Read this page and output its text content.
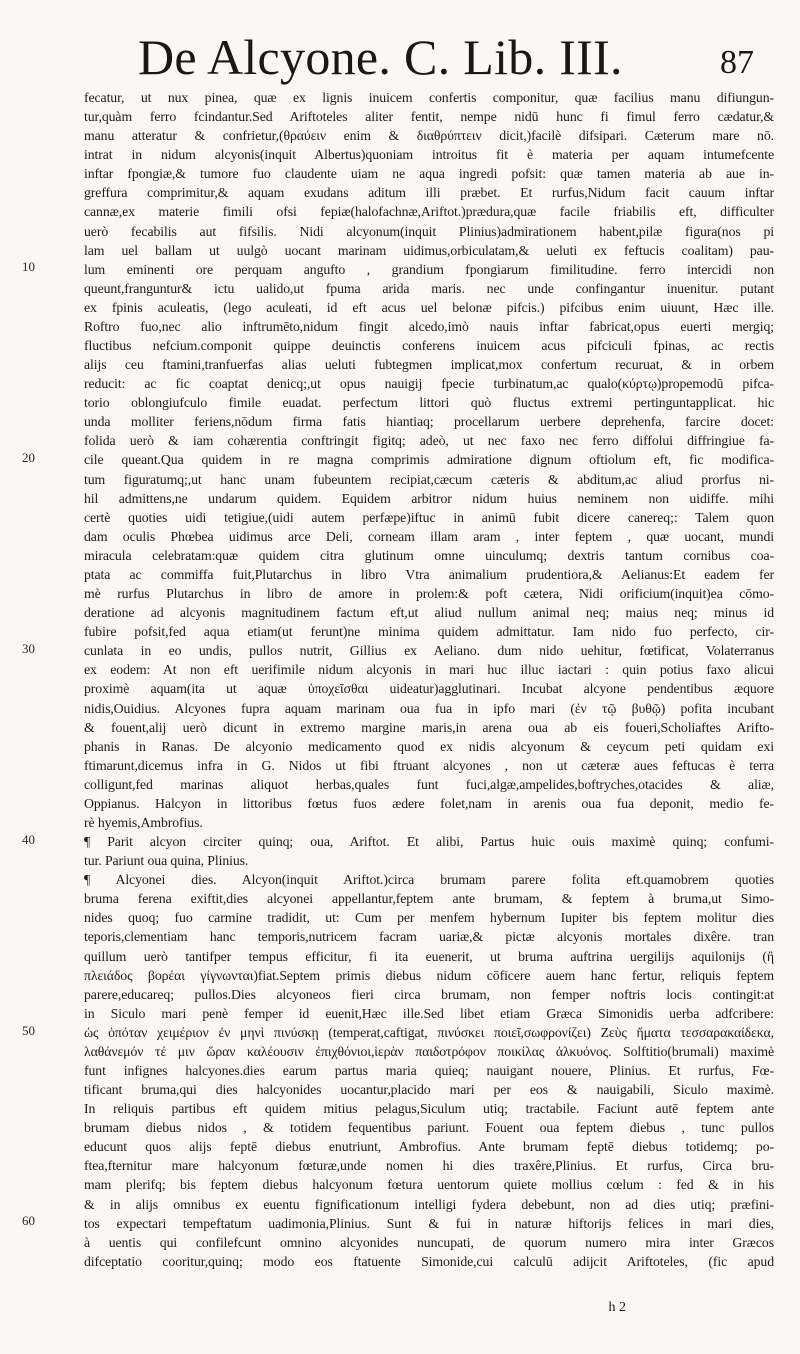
De Alcyone. C. Lib. III.	87
10
20
30
40
50
60
fecatur, ut nux pinea, quæ ex lignis inuicem confertis componitur, quæ facilius manu difiungun-
tur,quàm ferro fcindantur.Sed Ariftoteles aliter fentit, nempe nidū hunc fi fimul ferro cædatur,&
manu atteratur & confrietur,(θραύειν enim & διαθρύπτειν dicit,)facilè difsipari. Cæterum mare nō.
intrat in nidum alcyonis(inquit Albertus)quoniam introitus fit è materia per aquam intumefcente
inftar fpongiæ,& tumore fuo claudente uiam ne aqua ingredi pofsit: quæ tamen materia ab aue in-
greffura comprimitur,& aquam exudans aditum illi præbet. Et rurfus,Nidum facit cauum inftar
cannæ,ex materie fimili ofsi fepiæ(halofachnæ,Ariftot.)prædura,quæ facile friabilis eft, difficulter
uerò fecabilis aut fifsilis. Nidi alcyonum(inquit Plinius)admirationem habent,pilæ figura(nos pi
lam uel ballam ut uulgò uocant marinam uidimus,orbiculatam,& ueluti ex feftucis coalitam) pau-
lum eminenti ore perquam angufto , grandium fpongiarum fimilitudine. ferro intercidi non
queunt,franguntur& ictu ualido,ut fpuma arida maris. nec unde confingantur inuenitur. putant
ex fpinis aculeatis, (lego aculeati, id eft acus uel belonæ pifcis.) pifcibus enim uiuunt, Hæc ille.
Roftro fuo,nec alio inftrumēto,nidum fingit alcedo,imò nauis inftar fabricat,opus euerti mergiq;
fluctibus nefcium.componit quippe deuinctis conferens inuicem acus pifciculi fpinas, ac rectis
alijs ceu ftamini,tranfuerfas alias ueluti fubtegmen implicat,mox confertum recuruat, & in orbem
reducit: ac fic coaptat denicq;,ut opus nauigij fpecie turbinatum,ac qualo(κύρτῳ)propemodū pifca-
torio oblongiufculo fimile euadat. perfectum littori quò fluctus extremi pertinguntapplicat. hic
unda molliter feriens,nōdum firma fatis hiantiaq; procellarum uerbere deprehenfa, farcire docet:
folida uerò & iam cohærentia conftringit figitq; adeò, ut nec faxo nec ferro diffolui diffringiue fa-
cile queant.Qua quidem in re magna comprimis admiratione dignum oftiolum eft, fic modifica-
tum figuratumq;,ut hanc unam fubeuntem recipiat,cæcum cæteris & abditum,ac aliud prorfus ni-
hil admittens,ne undarum quidem. Equidem arbitror nidum huius neminem non uidiffe. mihi
certè quoties uidi tetigiue,(uidi autem perfæpe)iftuc in animū fubit dicere canereq;: Talem quon
dam oculis Phœbea uidimus arce Deli, corneam illam aram , inter feptem , quæ uocant, mundi
miracula celebratam:quæ quidem citra glutinum omne uinculumq; dextris tantum cornibus coa-
ptata ac commiffa fuit,Plutarchus in libro Vtra animalium prudentiora,& Aelianus:Et eadem fer
mè rurfus Plutarchus in libro de amore in prolem:& poft cætera, Nidi orificium(inquit)ea cōmo-
deratione ad alcyonis magnitudinem factum eft,ut aliud nullum animal neq; maius neq; minus id
fubire pofsit,fed aqua etiam(ut ferunt)ne minima quidem admittatur. Iam nido fuo perfecto, cir-
cunlata in eo undis, pullos nutrit, Gillius ex Aeliano. dum nido uehitur, fœtificat, Volaterranus
ex eodem: At non eft uerifimile nidum alcyonis in mari huc illuc iactari : quin potius faxo alicui
proximè aquam(ita ut aquæ ὑποχεῖσθαι uideatur)agglutinari. Incubat alcyone pendentibus æquore
nidis,Ouidius. Alcyones fupra aquam marinam oua fua in ipfo mari (ἐν τῷ βυθῷ) pofita incubant
& fouent,alij uerò dicunt in extremo margine maris,in arena oua ab eis foueri,Scholiaftes Arifto-
phanis in Ranas. De alcyonio medicamento quod ex nidis alcyonum & ceycum peti quidam exi
ftimarunt,dicemus infra in G. Nidos ut fibi ftruant alcyones , non ut cæteræ aues feftucas è terra
colligunt,fed marinas aliquot herbas,quales funt fuci,algæ,ampelides,boftryches,otacides & aliæ,
Oppianus. Halcyon in littoribus fœtus fuos ædere folet,nam in arenis oua fua deponit, medio fe-
rè hyemis,Ambrofius.
¶ Parit alcyon circiter quinq; oua, Ariftot. Et alibi, Partus huic ouis maximè quinq; confumi-
tur. Pariunt oua quina, Plinius.
¶ Alcyonei dies. Alcyon(inquit Ariftot.)circa brumam parere folita eft.quamobrem quoties
bruma ferena exiftit,dies alcyonei appellantur,feptem ante brumam, & feptem à bruma,ut Simo-
nides quoq; fuo carmine tradidit, ut: Cum per menfem hybernum Iupiter bis feptem molitur dies
teporis,clementiam hanc temporis,nutricem facram uariæ,& pictæ alcyonis mortales dixêre. tran
quillum uerò tantifper tempus efficitur, fi ita euenerit, ut bruma auftrina uergilijs aquilonijs (ἢ
πλειάδος βορέαι γίγνωνται)fiat.Septem primis diebus nidum cōficere auem hanc fertur, reliquis feptem
parere,educareq; pullos.Dies alcyoneos fieri circa brumam, non femper noftris locis contingit:at
in Siculo mari penè femper id euenit,Hæc ille.Sed libet etiam Græca Simonidis uerba adfcribere:
ὡς ὁπόταν χειμέριον ἐν μηνὶ πινύσκῃ (temperat,caftigat, πινύσκει ποιεῖ,σωφρονίζει) Ζεὺς ἤματα τεσσαρακαίδεκα,
λαθάνεμόν τέ μιν ὥραν καλέουσιν ἐπιχθόνιοι,ἱερὰν παιδοτρόφον ποικίλας ἀλκυόνος. Solftitio(brumali) maximè
funt infignes halcyones.dies earum partus maria quieq; nauigant nouere, Plinius. Et rurfus, Fœ-
tificant bruma,qui dies halcyonides uocantur,placido mari per eos & nauigabili, Siculo maximè.
In reliquis partibus eft quidem mitius pelagus,Siculum utiq; tractabile. Faciunt autē feptem ante
brumam diebus nidos , & totidem fequentibus pariunt. Fouent oua feptem diebus , tunc pullos
educunt quos alijs feptē diebus enutriunt, Ambrofius. Ante brumam feptē diebus totidemq; po-
ftea,fternitur mare halcyonum fœturæ,unde nomen hi dies traxêre,Plinius. Et rurfus, Circa bru-
mam plerifq; bis feptem diebus halcyonum fœtura uentorum quiete mollius cœlum : fed & in his
& in alijs omnibus ex euentu fignificationum intelligi fydera debebunt, non ad dies utiq; præfini-
tos expectari tempeftatum uadimonia,Plinius. Sunt & fui in naturæ hiftorijs felices in mari dies,
à uentis qui confilefcunt omnino alcyonides nuncupati, de quorum numero mira inter Græcos
difceptatio cooritur,quinq; modo eos ftatuente Simonide,cui calculū adijcit Ariftoteles, (fic apud
h 2
